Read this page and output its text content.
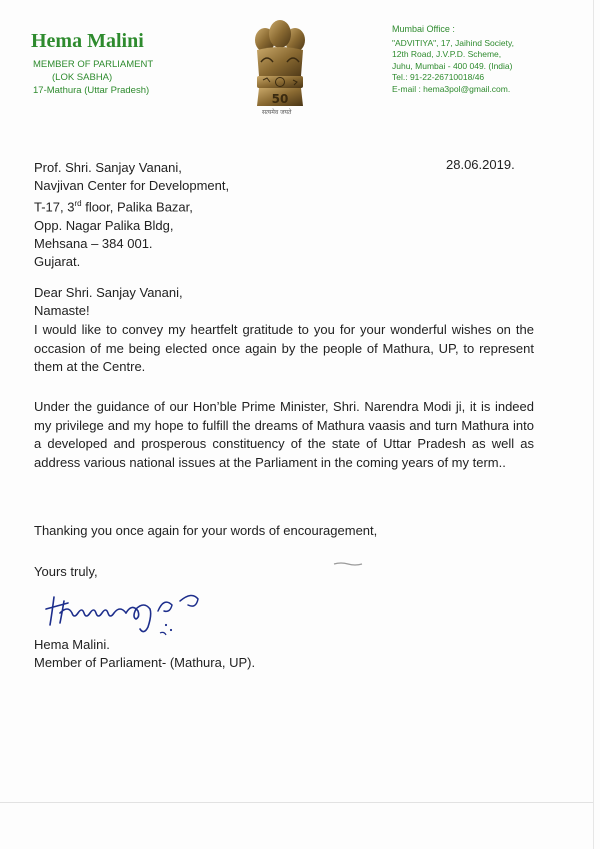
Hema Malini
MEMBER OF PARLIAMENT
(LOK SABHA)
17-Mathura (Uttar Pradesh)
50
सत्यमेव जयते
Mumbai Office :
"ADVITIYA", 17, Jaihind Society,
12th Road, J.V.P.D. Scheme,
Juhu, Mumbai - 400 049. (India)
Tel.: 91-22-26710018/46
E-mail : hema3pol@gmail.com.
28.06.2019.
Prof. Shri. Sanjay Vanani,
Navjivan Center for Development,
T-17, 3rd floor, Palika Bazar,
Opp. Nagar Palika Bldg,
Mehsana – 384 001.
Gujarat.
Dear Shri. Sanjay Vanani,
Namaste!
I would like to convey my heartfelt gratitude to you for your wonderful wishes on the occasion of me being elected once again by the people of Mathura, UP, to represent them at the Centre.
Under the guidance of our Hon’ble Prime Minister, Shri. Narendra Modi ji, it is indeed my privilege and my hope to fulfill the dreams of Mathura vaasis and turn Mathura into a developed and prosperous constituency of the state of Uttar Pradesh as well as address various national issues at the Parliament in the coming years of my term..
Thanking you once again for your words of encouragement,
Yours truly,
Hema Malini.
Member of Parliament- (Mathura, UP).
